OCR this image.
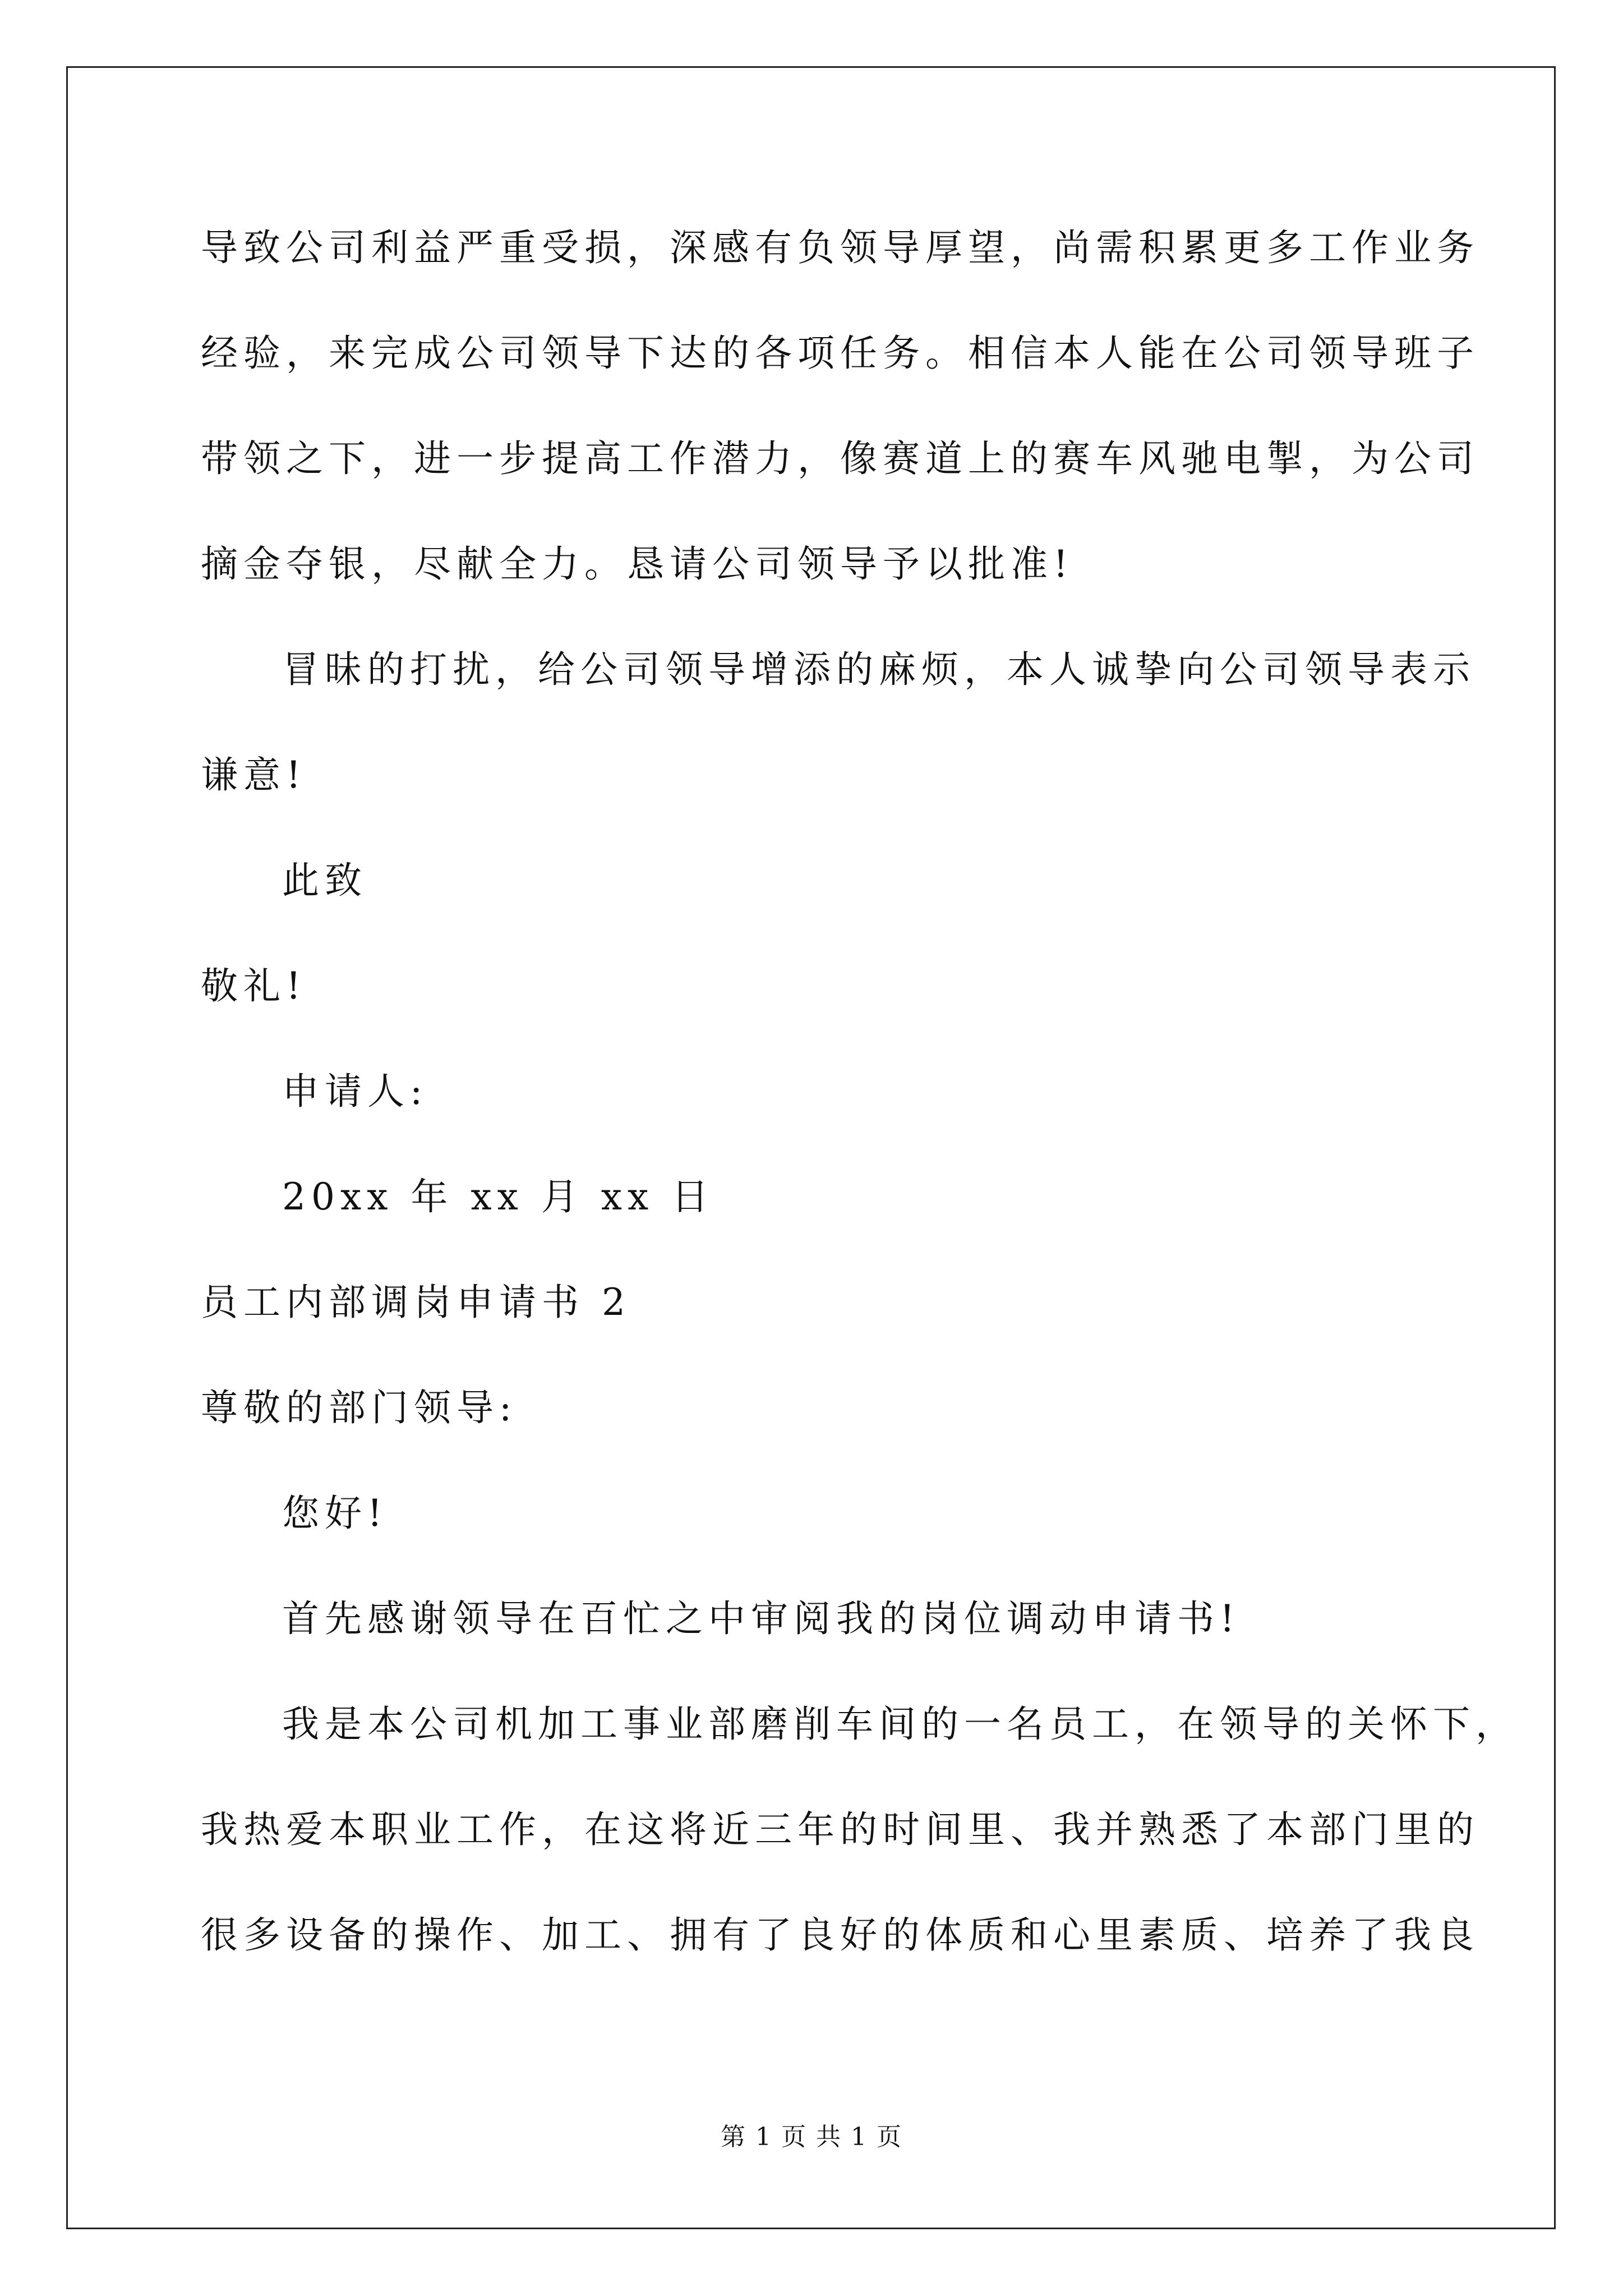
导致公司利益严重受损，深感有负领导厚望，尚需积累更多工作业务
经验，来完成公司领导下达的各项任务。相信本人能在公司领导班子
带领之下，进一步提高工作潜力，像赛道上的赛车风驰电掣，为公司
摘金夺银，尽献全力。恳请公司领导予以批准!
冒昧的打扰，给公司领导增添的麻烦，本人诚挚向公司领导表示
谦意!
此致
敬礼!
申请人:
20xx 年 xx 月 xx 日
员工内部调岗申请书 2
尊敬的部门领导:
您好!
首先感谢领导在百忙之中审阅我的岗位调动申请书!
我是本公司机加工事业部磨削车间的一名员工，在领导的关怀下，
我热爱本职业工作，在这将近三年的时间里、我并熟悉了本部门里的
很多设备的操作、加工、拥有了良好的体质和心里素质、培养了我良
第 1 页 共 1 页
